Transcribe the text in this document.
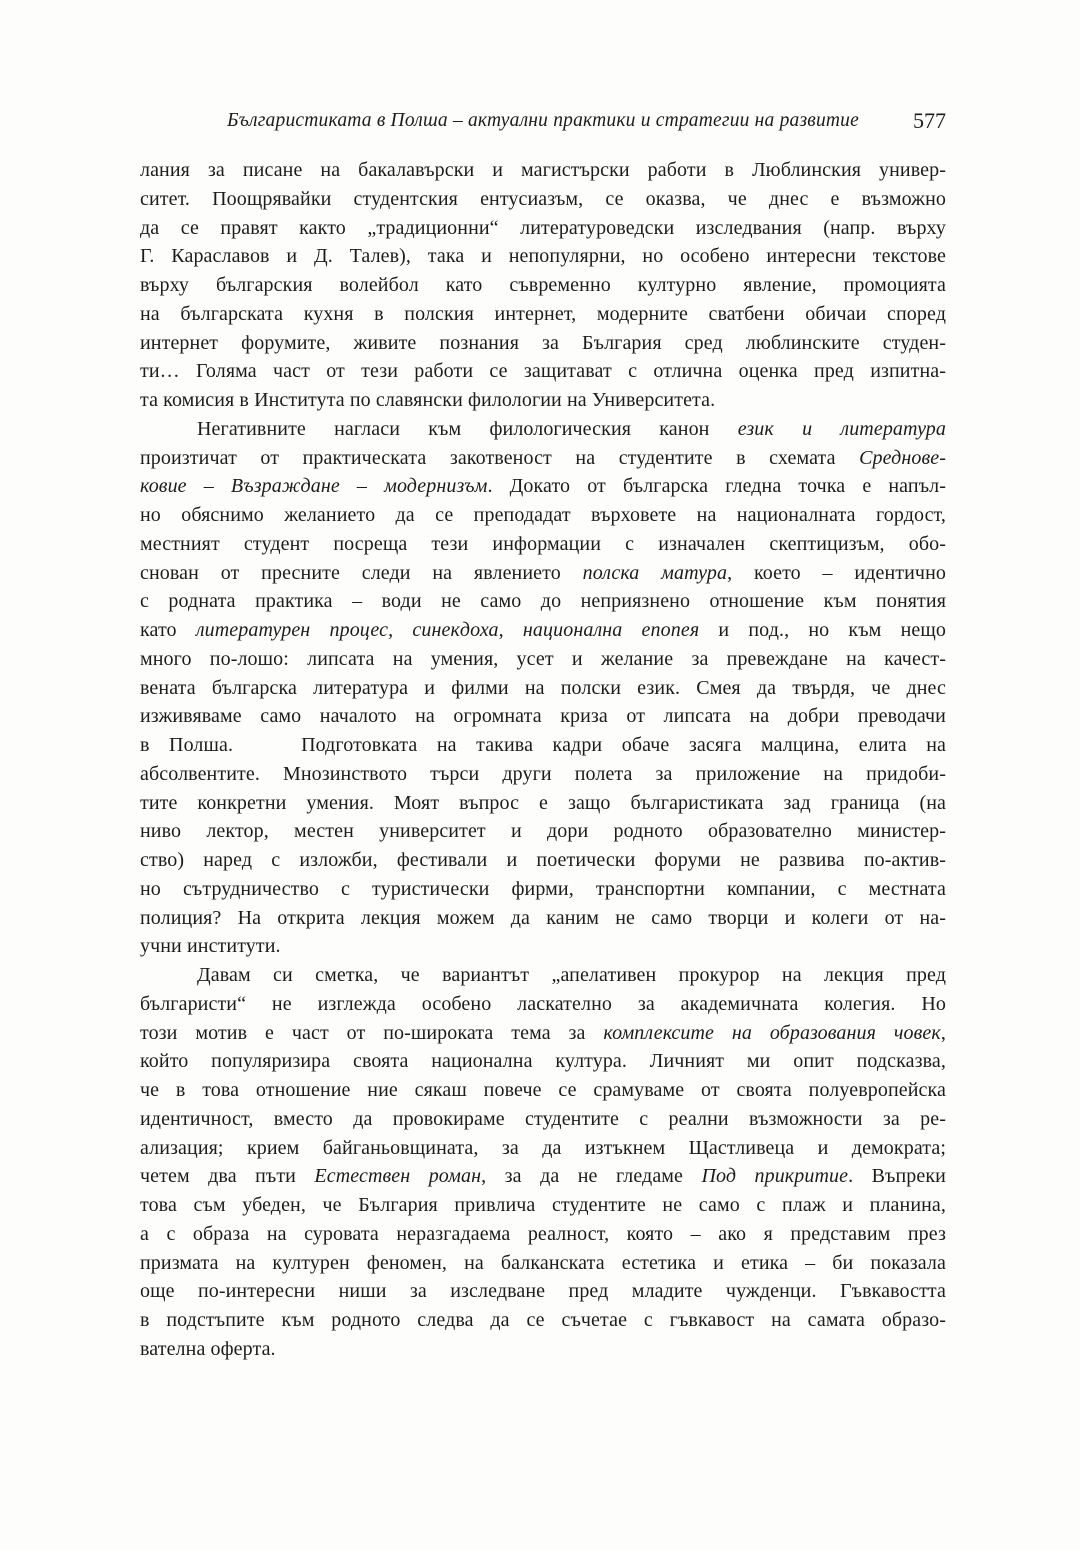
Българистиката в Полша – актуални практики и стратегии на развитие	577
лания за писане на бакалавърски и магистърски работи в Люблинския универ-
ситет. Поощрявайки студентския ентусиазъм, се оказва, че днес е възможно
да се правят както „традиционни“ литературоведски изследвания (напр. върху
Г. Караславов и Д. Талев), така и непопулярни, но особено интересни текстове
върху българския волейбол като съвременно културно явление, промоцията
на българската кухня в полския интернет, модерните сватбени обичаи според
интернет форумите, живите познания за България сред люблинските студен-
ти… Голяма част от тези работи се защитават с отлична оценка пред изпитна-
та комисия в Института по славянски филологии на Университета.
Негативните нагласи към филологическия канон език и литература
произтичат от практическата закотвеност на студентите в схемата Среднове-
ковие – Възраждане – модернизъм. Докато от българска гледна точка е напъл-
но обяснимо желанието да се преподадат върховете на националната гордост,
местният студент посреща тези информации с изначален скептицизъм, обо-
снован от пресните следи на явлението полска матура, което – идентично
с родната практика – води не само до неприязнено отношение към понятия
като литературен процес, синекдоха, национална епопея и под., но към нещо
много по-лошо: липсата на умения, усет и желание за превеждане на качест-
вената българска литература и филми на полски език. Смея да твърдя, че днес
изживяваме само началото на огромната криза от липсата на добри преводачи
в Полша.	Подготовката на такива кадри обаче засяга малцина, елита на
абсолвентите. Мнозинството търси други полета за приложение на придоби-
тите конкретни умения. Моят въпрос е защо българистиката зад граница (на
ниво лектор, местен университет и дори родното образователно министер-
ство) наред с изложби, фестивали и поетически форуми не развива по-актив-
но сътрудничество с туристически фирми, транспортни компании, с местната
полиция? На открита лекция можем да каним не само творци и колеги от на-
учни институти.
Давам си сметка, че вариантът „апелативен прокурор на лекция пред
българисти“ не изглежда особено ласкателно за академичната колегия. Но
този мотив е част от по-широката тема за комплексите на образования човек,
който популяризира своята национална култура. Личният ми опит подсказва,
че в това отношение ние сякаш повече се срамуваме от своята полуевропейска
идентичност, вместо да провокираме студентите с реални възможности за ре-
ализация; крием байганьовщината, за да изтъкнем Щастливеца и демократа;
четем два пъти Естествен роман, за да не гледаме Под прикритие. Въпреки
това съм убеден, че България привлича студентите не само с плаж и планина,
а с образа на суровата неразгадаема реалност, която – ако я представим през
призмата на културен феномен, на балканската естетика и етика – би показала
още по-интересни ниши за изследване пред младите чужденци. Гъвкавостта
в подстъпите към родното следва да се съчетае с гъвкавост на самата образо-
вателна оферта.
